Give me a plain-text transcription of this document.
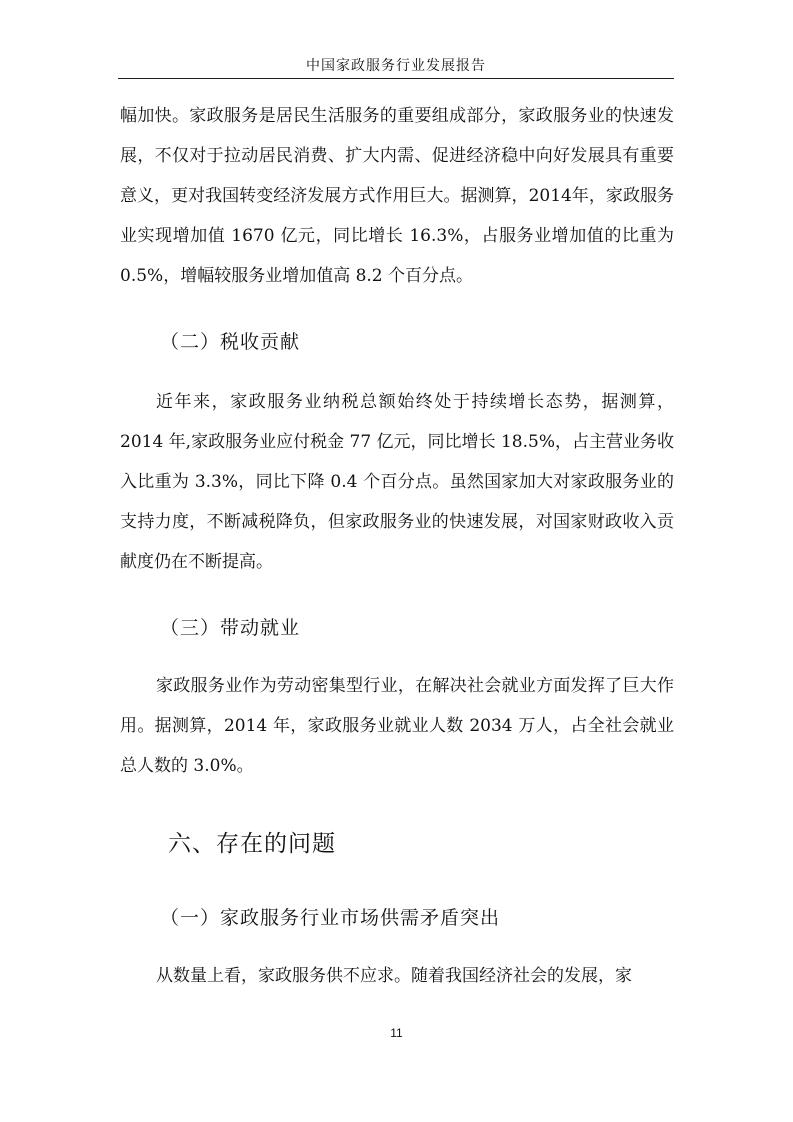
中国家政服务行业发展报告

幅加快。家政服务是居民生活服务的重要组成部分，家政服务业的快速发展，不仅对于拉动居民消费、扩大内需、促进经济稳中向好发展具有重要意义，更对我国转变经济发展方式作用巨大。据测算，2014年，家政服务业实现增加值 1670 亿元，同比增长 16.3%，占服务业增加值的比重为 0.5%，增幅较服务业增加值高 8.2 个百分点。

（二）税收贡献

近年来，家政服务业纳税总额始终处于持续增长态势，据测算，2014 年,家政服务业应付税金 77 亿元，同比增长 18.5%，占主营业务收入比重为 3.3%，同比下降 0.4 个百分点。虽然国家加大对家政服务业的支持力度，不断减税降负，但家政服务业的快速发展，对国家财政收入贡献度仍在不断提高。

（三）带动就业

家政服务业作为劳动密集型行业，在解决社会就业方面发挥了巨大作用。据测算，2014 年，家政服务业就业人数 2034 万人，占全社会就业总人数的 3.0%。

六、存在的问题
（一）家政服务行业市场供需矛盾突出

从数量上看，家政服务供不应求。随着我国经济社会的发展，家

11
